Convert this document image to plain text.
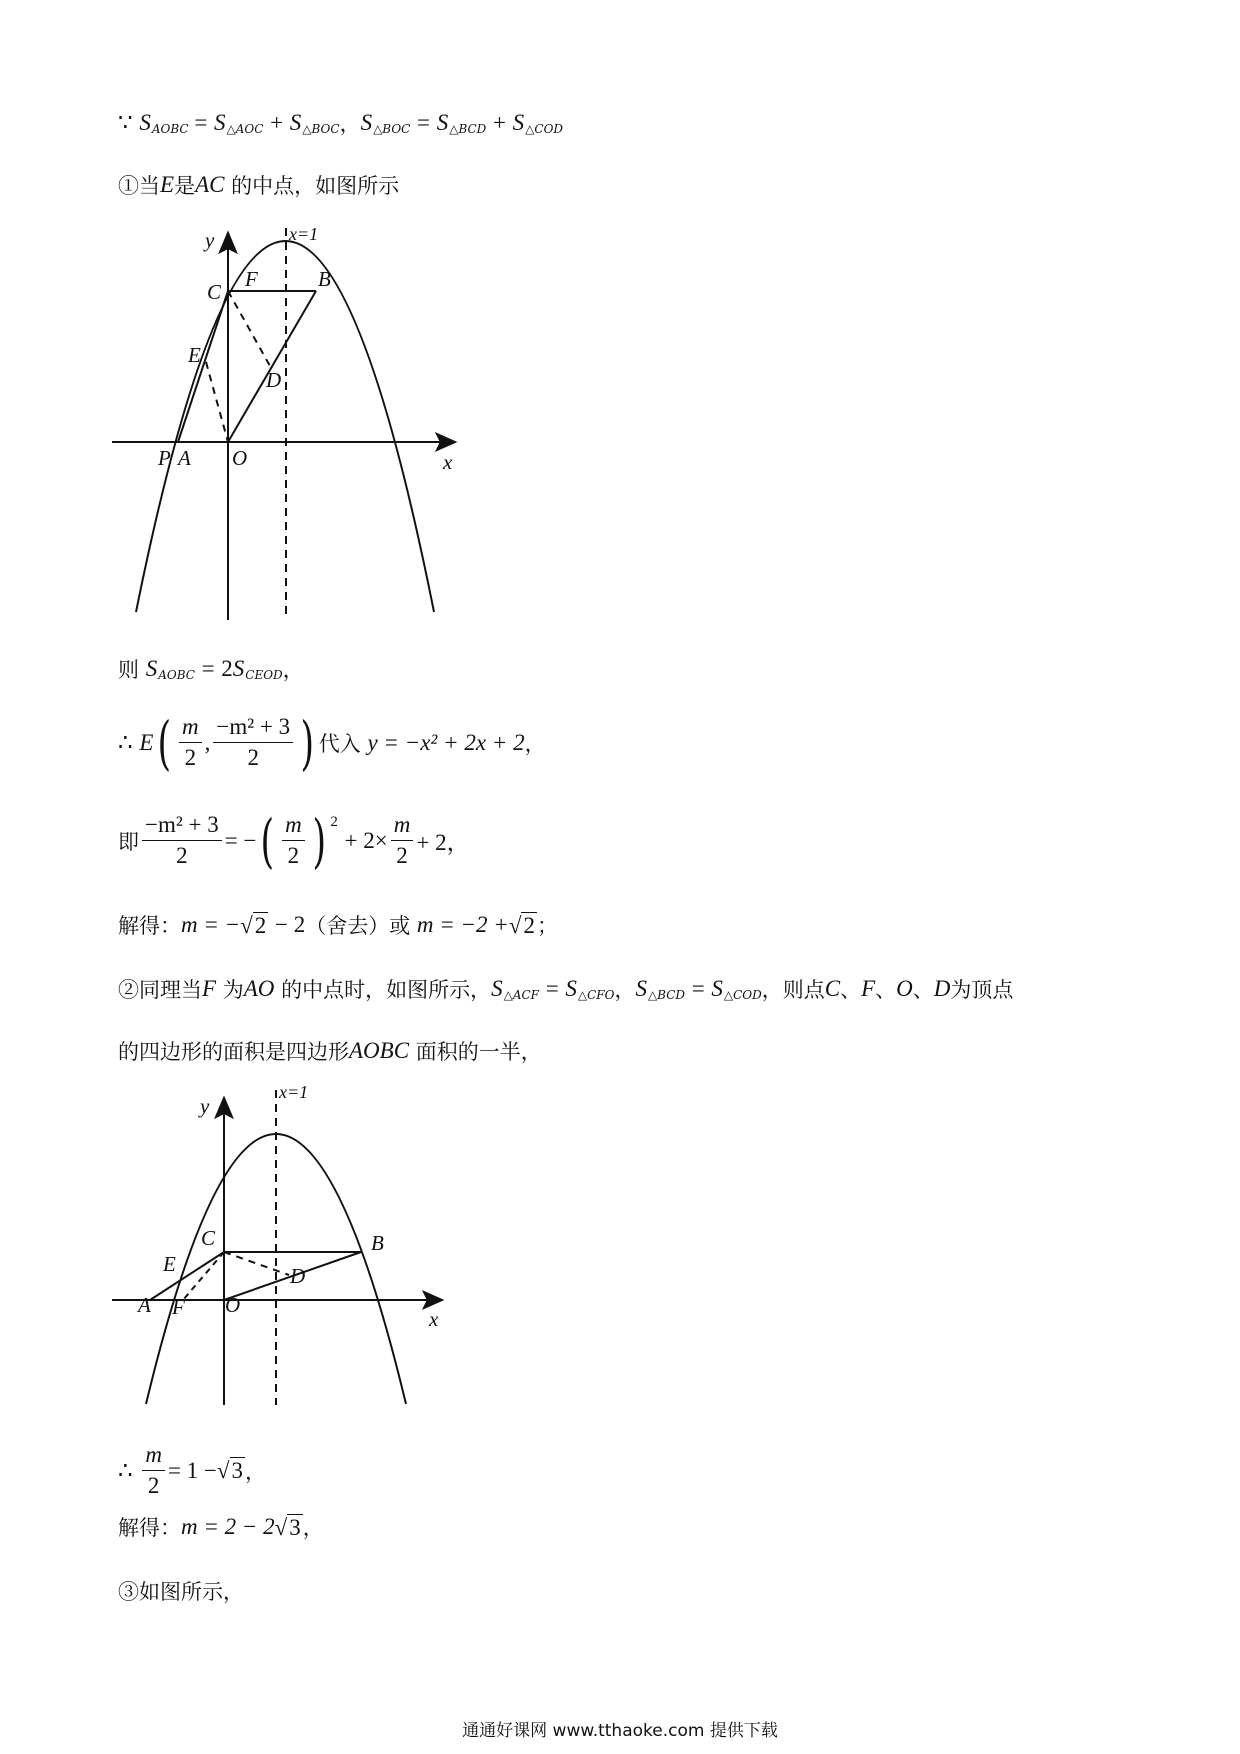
∵
S AOBC
=
S △AOC
+
S △BOC ， S △BOC
=
S △BCD
+
S △COD
①当 E 是 AC
的中点，如图所示
y	x=1
C
F	B
E
D
P A O	x
y
x=1
C	B
E	D
A F O
x
则
S AOBC
=
2 S CEOD ，
∴
E ( $\frac{m}{2}$ , $\frac{\text{−m² + 3}}{2}$ ) 代入
y = −x² + 2x + 2 ，
即 $\frac{\text{−m² + 3}}{2}$ = − ( $\frac{m}{2}$ ) $^2$

+ $2\times \frac{m}{2} + 2$，
解得： m = − √ 2
− 2 （舍去）或
m = −2 + √ 2 ；
②同理当 F
为 AO
的中点时，如图所示， S △ACF
=
S △CFO ， S △BCD
=
S △COD ，则点 C 、 F 、 O 、 D 为顶点
的四边形的面积是四边形 AOBC
面积的一半，
∴
$\frac{m}{2} = 1$ − √ 3 ，
解得： m = 2 − 2 √ 3 ，
③如图所示，
通通好课网 www.tthaoke.com 提供下载
